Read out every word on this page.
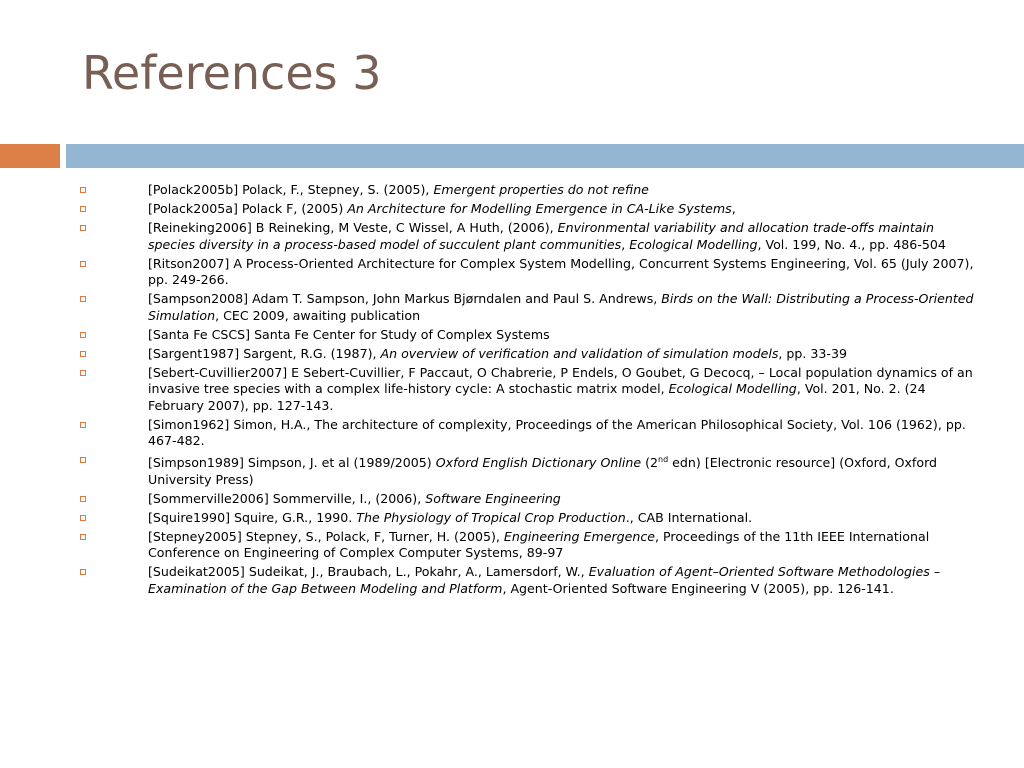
References 3
[Polack2005b] Polack, F., Stepney, S. (2005), Emergent properties do not refine
[Polack2005a] Polack F, (2005) An Architecture for Modelling Emergence in CA-Like Systems,
[Reineking2006] B Reineking, M Veste, C Wissel, A Huth, (2006), Environmental variability and allocation trade-offs maintain species diversity in a process-based model of succulent plant communities, Ecological Modelling, Vol. 199, No. 4., pp. 486-504
[Ritson2007] A Process-Oriented Architecture for Complex System Modelling, Concurrent Systems Engineering, Vol. 65 (July 2007), pp. 249-266.
[Sampson2008] Adam T. Sampson, John Markus Bjørndalen and Paul S. Andrews, Birds on the Wall: Distributing a Process-Oriented Simulation, CEC 2009, awaiting publication
[Santa Fe CSCS] Santa Fe Center for Study of Complex Systems
[Sargent1987] Sargent, R.G. (1987), An overview of verification and validation of simulation models, pp. 33-39
[Sebert-Cuvillier2007] E Sebert-Cuvillier, F Paccaut, O Chabrerie, P Endels, O Goubet, G Decocq, – Local population dynamics of an invasive tree species with a complex life-history cycle: A stochastic matrix model, Ecological Modelling, Vol. 201, No. 2. (24 February 2007), pp. 127-143.
[Simon1962] Simon, H.A., The architecture of complexity, Proceedings of the American Philosophical Society, Vol. 106 (1962), pp. 467-482.
[Simpson1989] Simpson, J. et al (1989/2005) Oxford English Dictionary Online (2nd edn) [Electronic resource] (Oxford, Oxford University Press)
[Sommerville2006] Sommerville, I., (2006), Software Engineering
[Squire1990] Squire, G.R., 1990. The Physiology of Tropical Crop Production., CAB International.
[Stepney2005] Stepney, S., Polack, F, Turner, H. (2005), Engineering Emergence, Proceedings of the 11th IEEE International Conference on Engineering of Complex Computer Systems, 89-97
[Sudeikat2005] Sudeikat, J., Braubach, L., Pokahr, A., Lamersdorf, W., Evaluation of Agent–Oriented Software Methodologies – Examination of the Gap Between Modeling and Platform, Agent-Oriented Software Engineering V (2005), pp. 126-141.
